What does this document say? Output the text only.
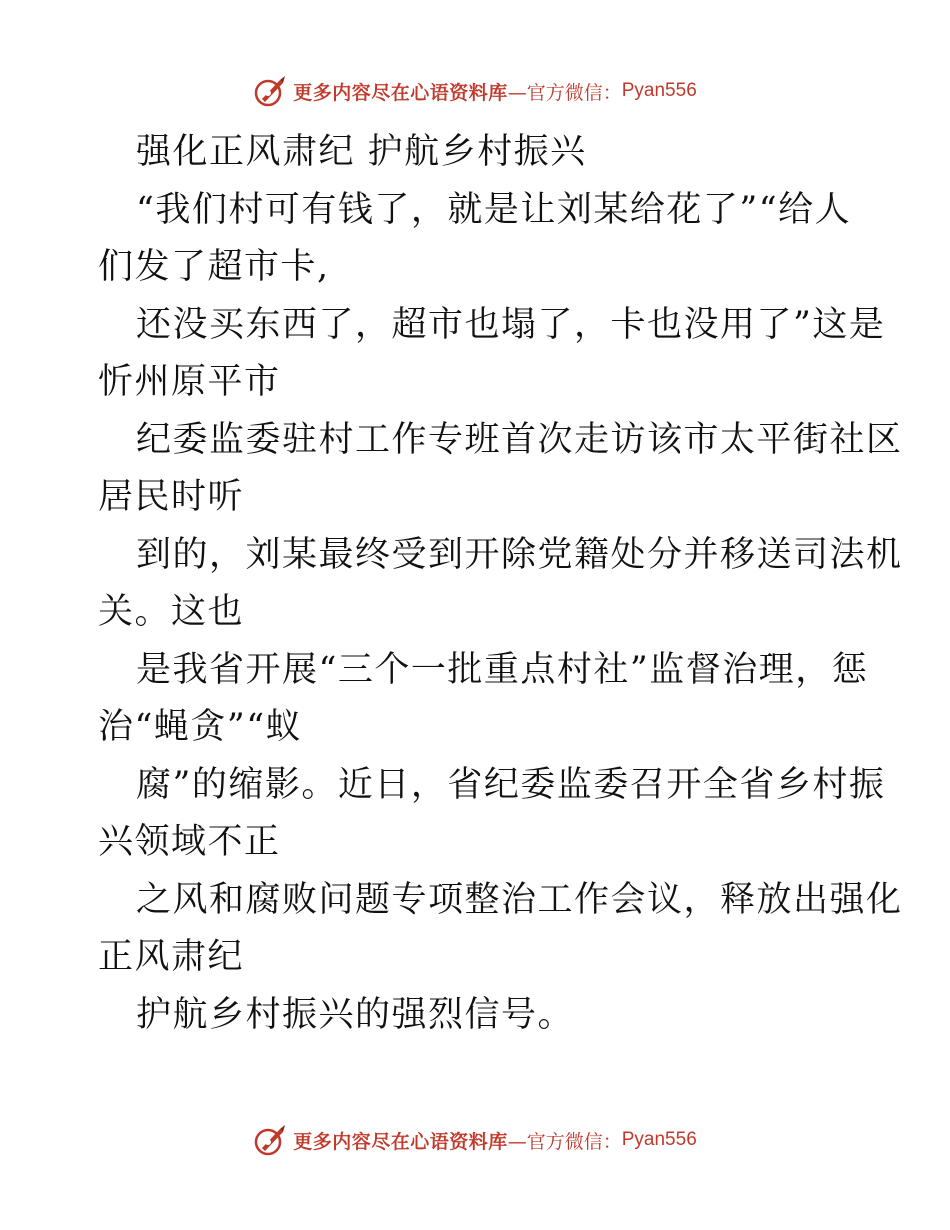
更多内容尽在心语资料库 —官方微信： Pyan556
强化正风肃纪 护航乡村振兴
“我们村可有钱了，就是让刘某给花了”“给人
们发了超市卡,
还没买东西了，超市也塌了，卡也没用了”这是
忻州原平市
纪委监委驻村工作专班首次走访该市太平街社区
居民时听
到的，刘某最终受到开除党籍处分并移送司法机
关。这也
是我省开展“三个一批重点村社”监督治理，惩
治“蝇贪”“蚁
腐”的缩影。近日，省纪委监委召开全省乡村振
兴领域不正
之风和腐败问题专项整治工作会议，释放出强化
正风肃纪
护航乡村振兴的强烈信号。
更多内容尽在心语资料库 —官方微信： Pyan556
